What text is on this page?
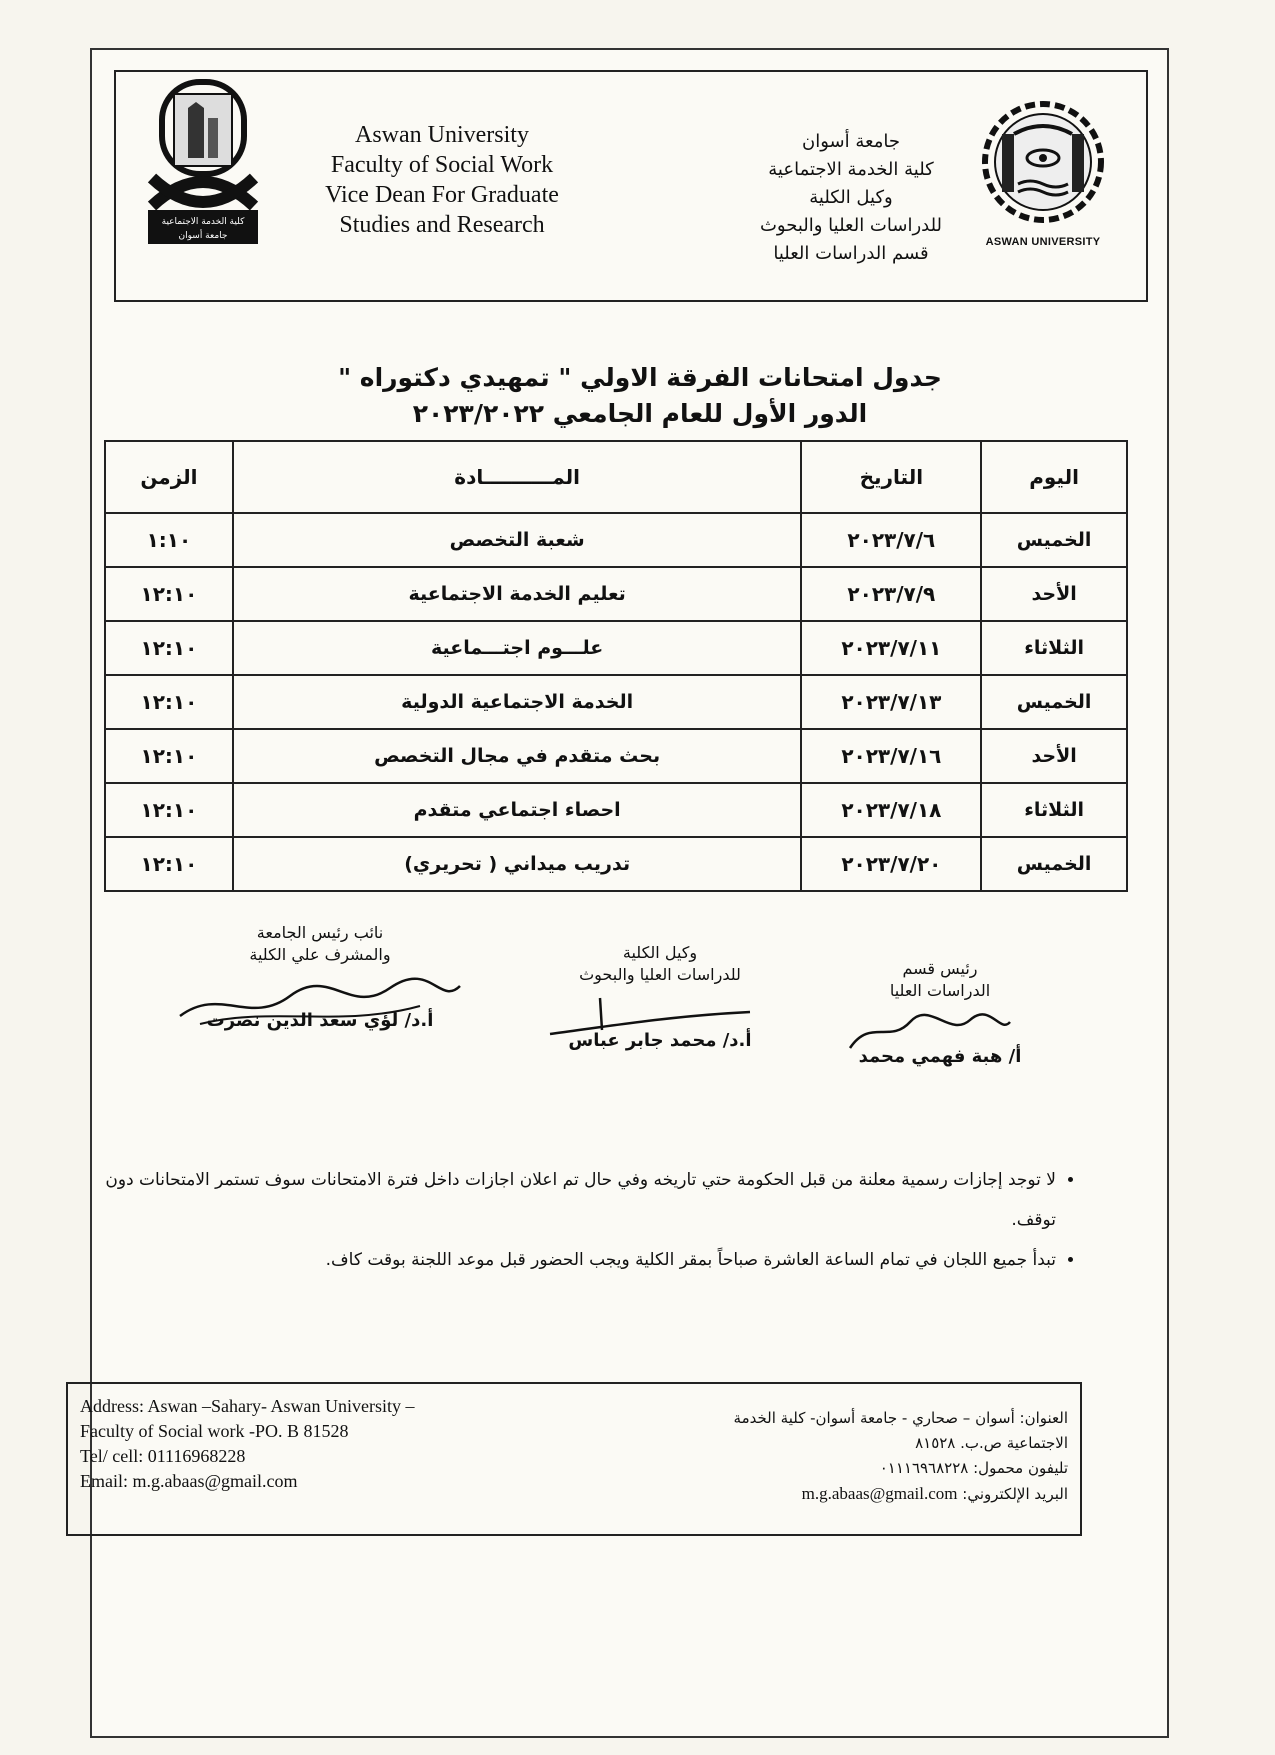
كلية الخدمة الاجتماعية
جامعة أسوان
Aswan University
Faculty of Social Work
Vice Dean For Graduate
Studies and Research
جامعة أسوان
كلية الخدمة الاجتماعية
وكيل الكلية
للدراسات العليا والبحوث
قسم الدراسات العليا
ASWAN UNIVERSITY
جدول امتحانات الفرقة الاولي " تمهيدي دكتوراه "
الدور الأول للعام الجامعي ٢٠٢٣/٢٠٢٢
اليوم	التاريخ	المــــــــــادة	الزمن
الخميس	٢٠٢٣/٧/٦	شعبة التخصص	١:١٠
الأحد	٢٠٢٣/٧/٩	تعليم الخدمة الاجتماعية	١٢:١٠
الثلاثاء	٢٠٢٣/٧/١١	علـــوم اجتـــماعية	١٢:١٠
الخميس	٢٠٢٣/٧/١٣	الخدمة الاجتماعية الدولية	١٢:١٠
الأحد	٢٠٢٣/٧/١٦	بحث متقدم في مجال التخصص	١٢:١٠
الثلاثاء	٢٠٢٣/٧/١٨	احصاء اجتماعي متقدم	١٢:١٠
الخميس	٢٠٢٣/٧/٢٠	تدريب ميداني ( تحريري)	١٢:١٠
نائب رئيس الجامعة
والمشرف علي الكلية
أ.د/ لؤي سعد الدين نصرت
وكيل الكلية
للدراسات العليا والبحوث
أ.د/ محمد جابر عباس
رئيس قسم
الدراسات العليا
أ/ هبة فهمي محمد
• لا توجد إجازات رسمية معلنة من قبل الحكومة حتي تاريخه وفي حال تم اعلان اجازات داخل فترة الامتحانات سوف تستمر الامتحانات دون توقف.
• تبدأ جميع اللجان في تمام الساعة العاشرة صباحاً بمقر الكلية ويجب الحضور قبل موعد اللجنة بوقت كاف.
Address: Aswan –Sahary- Aswan University –
Faculty of Social work -PO. B 81528
Tel/ cell: 01116968228
Email: m.g.abaas@gmail.com
العنوان: أسوان – صحاري - جامعة أسوان- كلية الخدمة
الاجتماعية ص.ب. ٨١٥٢٨
تليفون محمول: ٠١١١٦٩٦٨٢٢٨
البريد الإلكتروني: m.g.abaas@gmail.com
